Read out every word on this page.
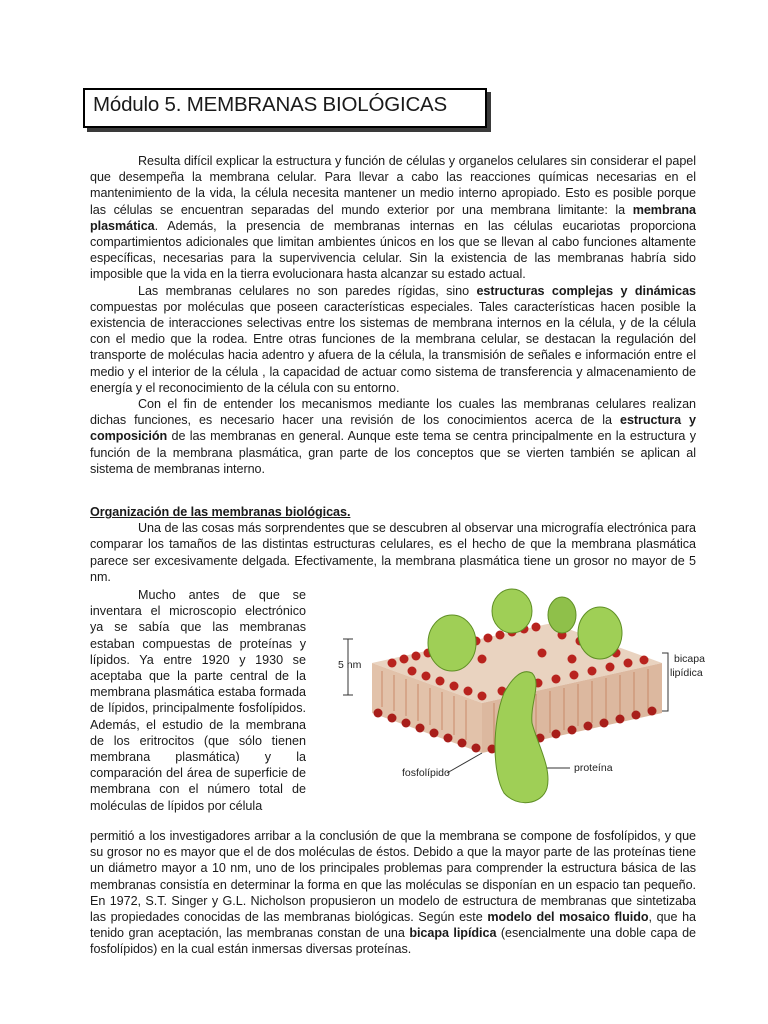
Módulo 5. MEMBRANAS BIOLÓGICAS

Resulta difícil explicar la estructura y función de células y organelos celulares sin considerar el papel que desempeña la membrana celular. Para llevar a cabo las reacciones químicas necesarias en el mantenimiento de la vida, la célula necesita mantener un medio interno apropiado. Esto es posible porque las células se encuentran separadas del mundo exterior por una membrana limitante: la membrana plasmática. Además, la presencia de membranas internas en las células eucariotas proporciona compartimientos adicionales que limitan ambientes únicos en los que se llevan al cabo funciones altamente específicas, necesarias para la supervivencia celular. Sin la existencia de las membranas habría sido imposible que la vida en la tierra evolucionara hasta alcanzar su estado actual.

Las membranas celulares no son paredes rígidas, sino estructuras complejas y dinámicas compuestas por moléculas que poseen características especiales. Tales características hacen posible la existencia de interacciones selectivas entre los sistemas de membrana internos en la célula, y de la célula con el medio que la rodea. Entre otras funciones de la membrana celular, se destacan la regulación del transporte de moléculas hacia adentro y afuera de la célula, la transmisión de señales e información entre el medio y el interior de la célula , la capacidad de actuar como sistema de transferencia y almacenamiento de energía y el reconocimiento de la célula con su entorno.

Con el fin de entender los mecanismos mediante los cuales las membranas celulares realizan dichas funciones, es necesario hacer una revisión de los conocimientos acerca de la estructura y composición de las membranas en general. Aunque este tema se centra principalmente en la estructura y función de la membrana plasmática, gran parte de los conceptos que se vierten también se aplican al sistema de membranas interno.

Organización de las membranas biológicas.

Una de las cosas más sorprendentes que se descubren al observar una micrografía electrónica para comparar los tamaños de las distintas estructuras celulares, es el hecho de que la membrana plasmática parece ser excesivamente delgada. Efectivamente, la membrana plasmática tiene un grosor no mayor de 5 nm.

Mucho antes de que se inventara el microscopio electrónico ya se sabía que las membranas estaban compuestas de proteínas y lípidos. Ya entre 1920 y 1930 se aceptaba que la parte central de la membrana plasmática estaba formada de lípidos, principalmente fosfolípidos. Además, el estudio de la membrana de los eritrocitos (que sólo tienen membrana plasmática) y la comparación del área de superficie de membrana con el número total de moléculas de lípidos por célula

5 nm	bicapa
lipídica
fosfolípido	proteína

permitió a los investigadores arribar a la conclusión de que la membrana se compone de fosfolípidos, y que su grosor no es mayor que el de dos moléculas de éstos. Debido a que la mayor parte de las proteínas tiene un diámetro mayor a 10 nm, uno de los principales problemas para comprender la estructura básica de las membranas consistía en determinar la forma en que las moléculas se disponían en un espacio tan pequeño. En 1972, S.T. Singer y G.L. Nicholson propusieron un modelo de estructura de membranas que sintetizaba las propiedades conocidas de las membranas biológicas. Según este modelo del mosaico fluido, que ha tenido gran aceptación, las membranas constan de una bicapa lipídica (esencialmente una doble capa de fosfolípidos) en la cual están inmersas diversas proteínas.
